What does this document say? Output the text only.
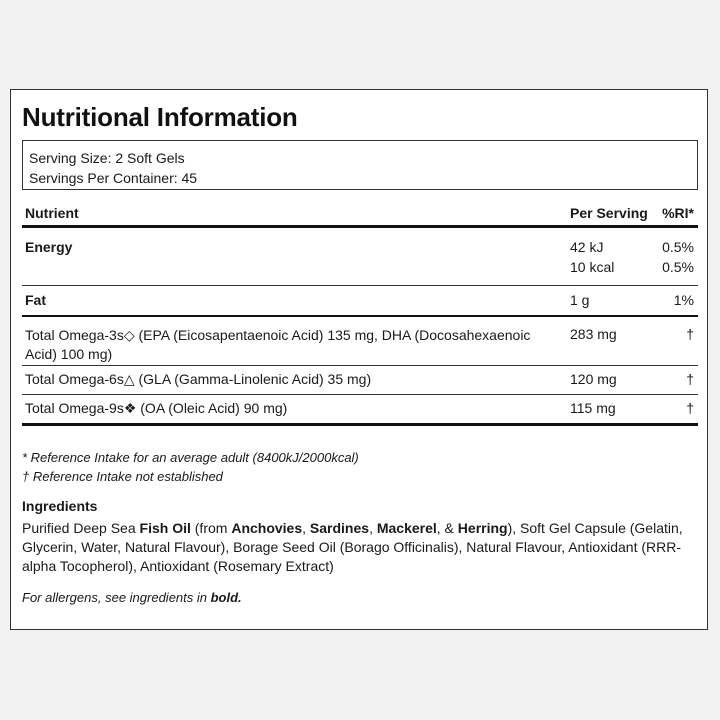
Nutritional Information
Serving Size: 2 Soft Gels
Servings Per Container: 45
Nutrient	Per Serving %RI*
Energy	42 kJ	0.5%
10 kcal	0.5%
Fat	1 g	1%
Total Omega-3s◇ (EPA (Eicosapentaenoic Acid) 135 mg, DHA (Docosahexaenoic Acid) 100 mg)
283 mg	†
Total Omega-6s△ (GLA (Gamma-Linolenic Acid) 35 mg)	120 mg	†
Total Omega-9s❖ (OA (Oleic Acid) 90 mg)	115 mg	†
* Reference Intake for an average adult (8400kJ/2000kcal)
† Reference Intake not established
Ingredients
Purified Deep Sea Fish Oil (from Anchovies, Sardines, Mackerel, & Herring), Soft Gel Capsule (Gelatin, Glycerin, Water, Natural Flavour), Borage Seed Oil (Borago Officinalis), Natural Flavour, Antioxidant (RRR-alpha Tocopherol), Antioxidant (Rosemary Extract)
For allergens, see ingredients in bold.
